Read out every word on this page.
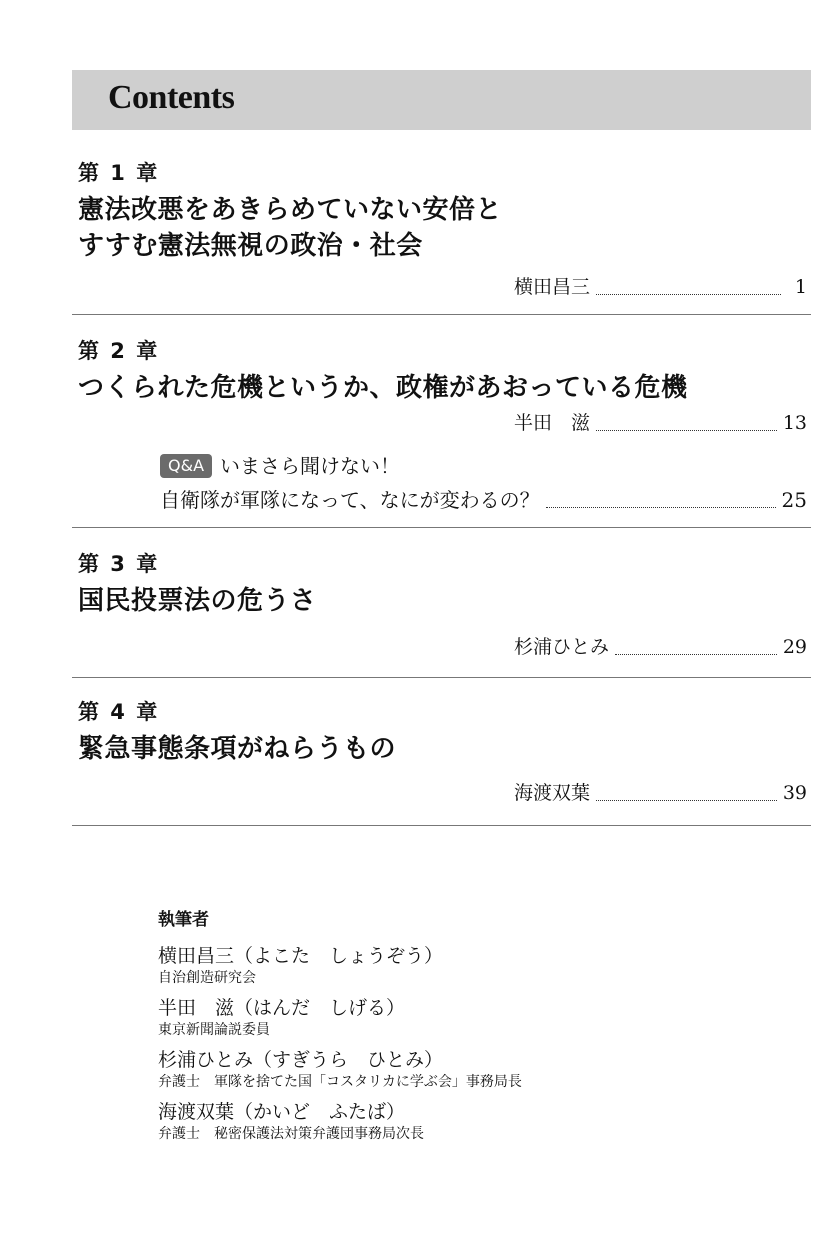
Contents
第 1 章
憲法改悪をあきらめていない安倍と
すすむ憲法無視の政治・社会
横田昌三	1
第 2 章
つくられた危機というか、政権があおっている危機
半田　滋	13
Q&A いまさら聞けない！
自衛隊が軍隊になって、なにが変わるの？	25
第 3 章
国民投票法の危うさ
杉浦ひとみ	29
第 4 章
緊急事態条項がねらうもの
海渡双葉	39
執筆者
横田昌三（よこた　しょうぞう）
自治創造研究会
半田　滋（はんだ　しげる）
東京新聞論説委員
杉浦ひとみ（すぎうら　ひとみ）
弁護士　軍隊を捨てた国「コスタリカに学ぶ会」事務局長
海渡双葉（かいど　ふたば）
弁護士　秘密保護法対策弁護団事務局次長
